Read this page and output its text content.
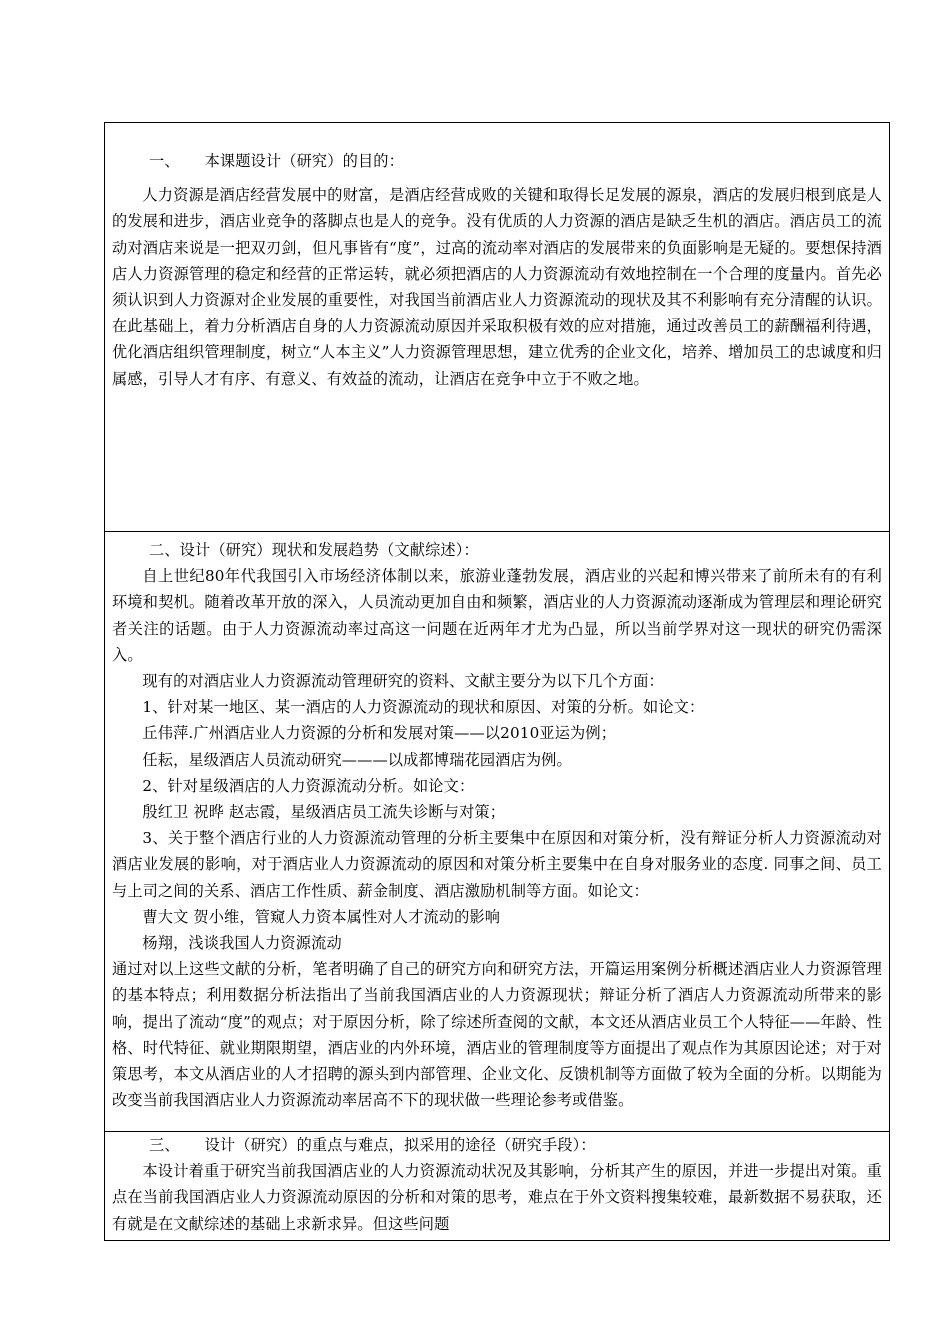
一、     本课题设计（研究）的目的：

人力资源是酒店经营发展中的财富，是酒店经营成败的关键和取得长足发展的源泉，酒店的发展归根到底是人的发展和进步，酒店业竞争的落脚点也是人的竞争。没有优质的人力资源的酒店是缺乏生机的酒店。酒店员工的流动对酒店来说是一把双刃剑，但凡事皆有“度”，过高的流动率对酒店的发展带来的负面影响是无疑的。要想保持酒店人力资源管理的稳定和经营的正常运转，就必须把酒店的人力资源流动有效地控制在一个合理的度量内。首先必须认识到人力资源对企业发展的重要性，对我国当前酒店业人力资源流动的现状及其不利影响有充分清醒的认识。在此基础上，着力分析酒店自身的人力资源流动原因并采取积极有效的应对措施，通过改善员工的薪酬福利待遇，优化酒店组织管理制度，树立“人本主义”人力资源管理思想，建立优秀的企业文化，培养、增加员工的忠诚度和归属感，引导人才有序、有意义、有效益的流动，让酒店在竞争中立于不败之地。

二、设计（研究）现状和发展趋势（文献综述）：

自上世纪80年代我国引入市场经济体制以来，旅游业蓬勃发展，酒店业的兴起和博兴带来了前所未有的有利环境和契机。随着改革开放的深入，人员流动更加自由和频繁，酒店业的人力资源流动逐渐成为管理层和理论研究者关注的话题。由于人力资源流动率过高这一问题在近两年才尤为凸显，所以当前学界对这一现状的研究仍需深入。

现有的对酒店业人力资源流动管理研究的资料、文献主要分为以下几个方面：

1、针对某一地区、某一酒店的人力资源流动的现状和原因、对策的分析。如论文：

丘伟萍.广州酒店业人力资源的分析和发展对策——以2010亚运为例；

任耘，星级酒店人员流动研究———以成都博瑞花园酒店为例。

2、针对星级酒店的人力资源流动分析。如论文：

殷红卫 祝晔 赵志霞，星级酒店员工流失诊断与对策；

3、关于整个酒店行业的人力资源流动管理的分析主要集中在原因和对策分析，没有辩证分析人力资源流动对酒店业发展的影响，对于酒店业人力资源流动的原因和对策分析主要集中在自身对服务业的态度. 同事之间、员工与上司之间的关系、酒店工作性质、薪金制度、酒店激励机制等方面。如论文：

曹大文 贺小维，管窥人力资本属性对人才流动的影响

杨翔，浅谈我国人力资源流动

通过对以上这些文献的分析，笔者明确了自己的研究方向和研究方法，开篇运用案例分析概述酒店业人力资源管理的基本特点；利用数据分析法指出了当前我国酒店业的人力资源现状；辩证分析了酒店人力资源流动所带来的影响，提出了流动“度”的观点；对于原因分析，除了综述所查阅的文献，本文还从酒店业员工个人特征——年龄、性格、时代特征、就业期限期望，酒店业的内外环境，酒店业的管理制度等方面提出了观点作为其原因论述；对于对策思考，本文从酒店业的人才招聘的源头到内部管理、企业文化、反馈机制等方面做了较为全面的分析。以期能为改变当前我国酒店业人力资源流动率居高不下的现状做一些理论参考或借鉴。

三、     设计（研究）的重点与难点，拟采用的途径（研究手段）：

本设计着重于研究当前我国酒店业的人力资源流动状况及其影响，分析其产生的原因，并进一步提出对策。重点在当前我国酒店业人力资源流动原因的分析和对策的思考，难点在于外文资料搜集较难，最新数据不易获取，还有就是在文献综述的基础上求新求异。但这些问题
